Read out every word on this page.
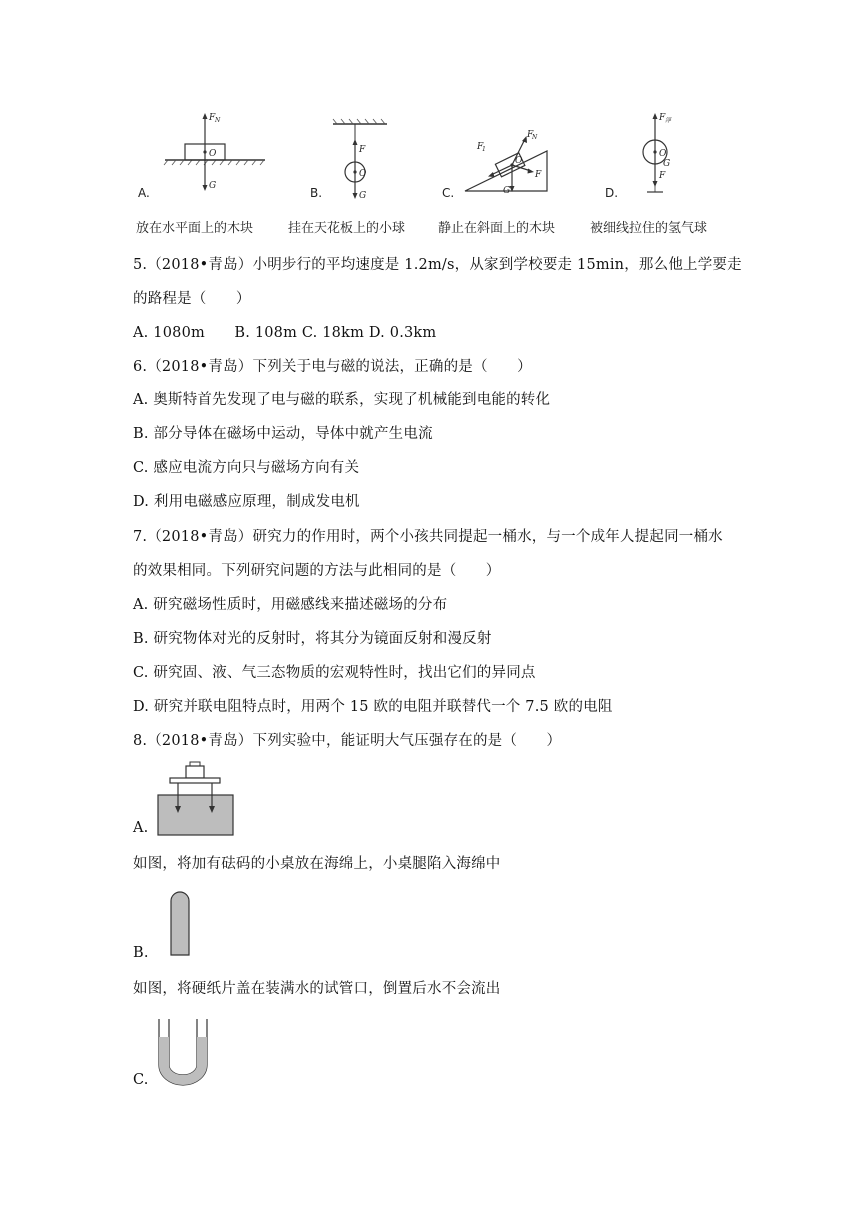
F N
O
G
A.
F
O
G
B.
F
1
F
N
O
G
F
C.
F 浮
O
G
F
D.
放在水平面上的木块	挂在天花板上的小球	静止在斜面上的木块	被细线拉住的氢气球
5.（2018•青岛）小明步行的平均速度是 1.2m/s，从家到学校要走 15min，那么他上学要走
的路程是（　　）
A. 1080m　　B. 108m C. 18km D. 0.3km
6.（2018•青岛）下列关于电与磁的说法，正确的是（　　）
A. 奥斯特首先发现了电与磁的联系，实现了机械能到电能的转化
B. 部分导体在磁场中运动，导体中就产生电流
C. 感应电流方向只与磁场方向有关
D. 利用电磁感应原理，制成发电机
7.（2018•青岛）研究力的作用时，两个小孩共同提起一桶水，与一个成年人提起同一桶水
的效果相同。下列研究问题的方法与此相同的是（　　）
A. 研究磁场性质时，用磁感线来描述磁场的分布
B. 研究物体对光的反射时，将其分为镜面反射和漫反射
C. 研究固、液、气三态物质的宏观特性时，找出它们的异同点
D. 研究并联电阻特点时，用两个 15 欧的电阻并联替代一个 7.5 欧的电阻
8.（2018•青岛）下列实验中，能证明大气压强存在的是（　　）
A.
如图，将加有砝码的小桌放在海绵上，小桌腿陷入海绵中
B.
如图，将硬纸片盖在装满水的试管口，倒置后水不会流出
C.
